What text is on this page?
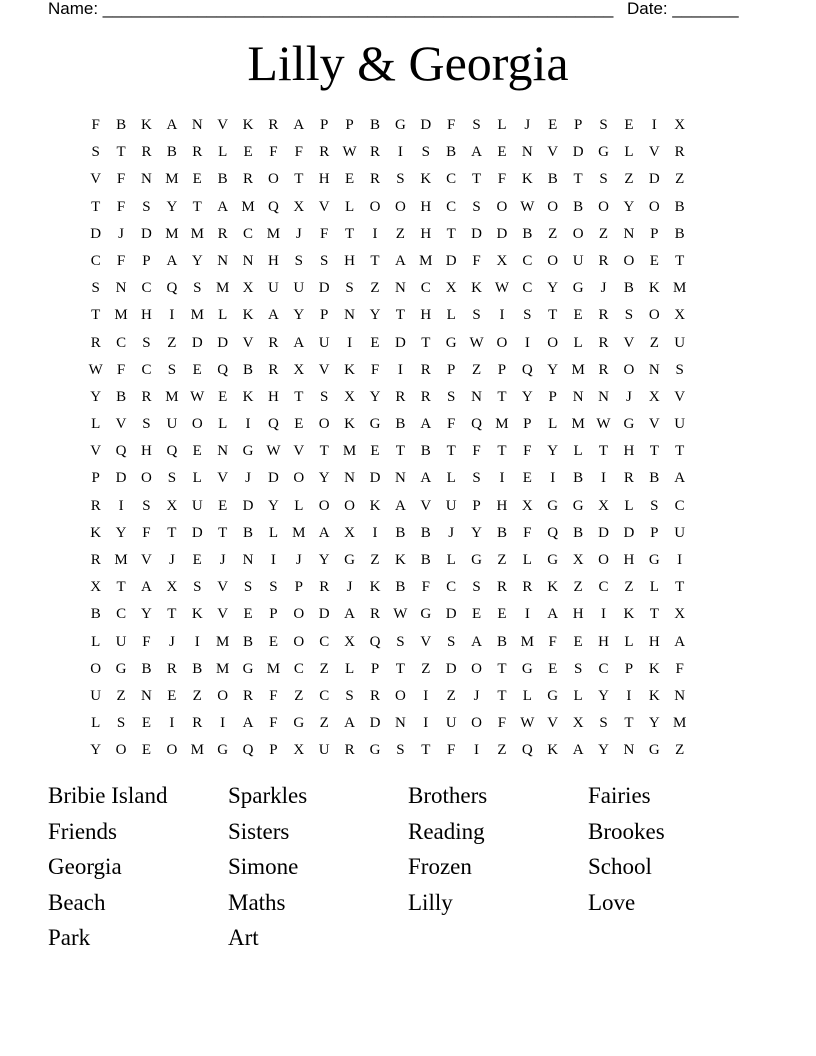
Name: ______________________________________________________ Date: _______
Lilly & Georgia
F	B K A N V K R A	P	P	B G D	F	S	L	J	E	P	S	E	I	X
S	T	R	B	R	L	E	F	F	R W R	I	S	B A	E	N V D G	L	V R
V	F	N M E	B	R O	T	H	E	R	S	K C	T	F	K B	T	S	Z	D	Z
T	F	S	Y	T	A M Q X V	L	O O H C	S	O W O B O Y O B
D	J	D M M R	C M	J	F	T	I	Z	H	T	D D B	Z	O	Z	N	P	B
C	F	P	A Y N N H	S	S	H	T	A M D	F	X C O U R O	E	T
S	N C Q	S M X U U D	S	Z	N C X K W C Y G	J	B K M
T M H	I	M L	K A Y	P	N Y	T	H	L	S	I	S	T	E	R	S	O X
R	C	S	Z	D D V R A U	I	E	D	T	G W O	I	O	L	R V	Z	U
W F	C	S	E	Q B	R X V K	F	I	R	P	Z	P	Q Y M R O N	S
Y B	R M W E	K H	T	S	X Y R	R	S	N	T	Y	P	N N	J	X V
L	V	S	U O	L	I	Q	E	O K G B A	F	Q M P	L M W G V U
V Q H Q	E	N G W V	T M E	T	B	T	F	T	F	Y	L	T	H	T	T
P	D O	S	L	V	J	D O Y N D N A	L	S	I	E	I	B	I	R	B A
R	I	S	X U	E	D Y	L	O O K A V U	P	H X G G X	L	S	C
K Y	F	T	D	T	B	L M A X	I	B	B	J	Y B	F	Q B D D	P	U
R M V	J	E	J	N	I	J	Y G	Z	K B	L	G	Z	L	G X O H G	I
X	T	A X	S	V	S	S	P	R	J	K B	F	C	S	R	R K	Z	C	Z	L	T
B	C Y	T	K V	E	P	O D A R W G D	E	E	I	A H	I	K	T	X
L	U	F	J	I	M B	E	O C X Q	S	V	S	A B M F	E	H	L	H A
O G B	R	B M G M C	Z	L	P	T	Z	D O	T	G	E	S	C	P	K	F
U	Z	N	E	Z	O R	F	Z	C	S	R O	I	Z	J	T	L	G	L	Y	I	K N
L	S	E	I	R	I	A	F	G	Z	A D N	I	U O	F W V X	S	T	Y M
Y O	E	O M G Q	P	X U R G	S	T	F	I	Z	Q K A Y N G	Z
Bribie Island	Sparkles	Brothers	Fairies
Friends	Sisters	Reading	Brookes
Georgia	Simone	Frozen	School
Beach	Maths	Lilly	Love
Park	Art
